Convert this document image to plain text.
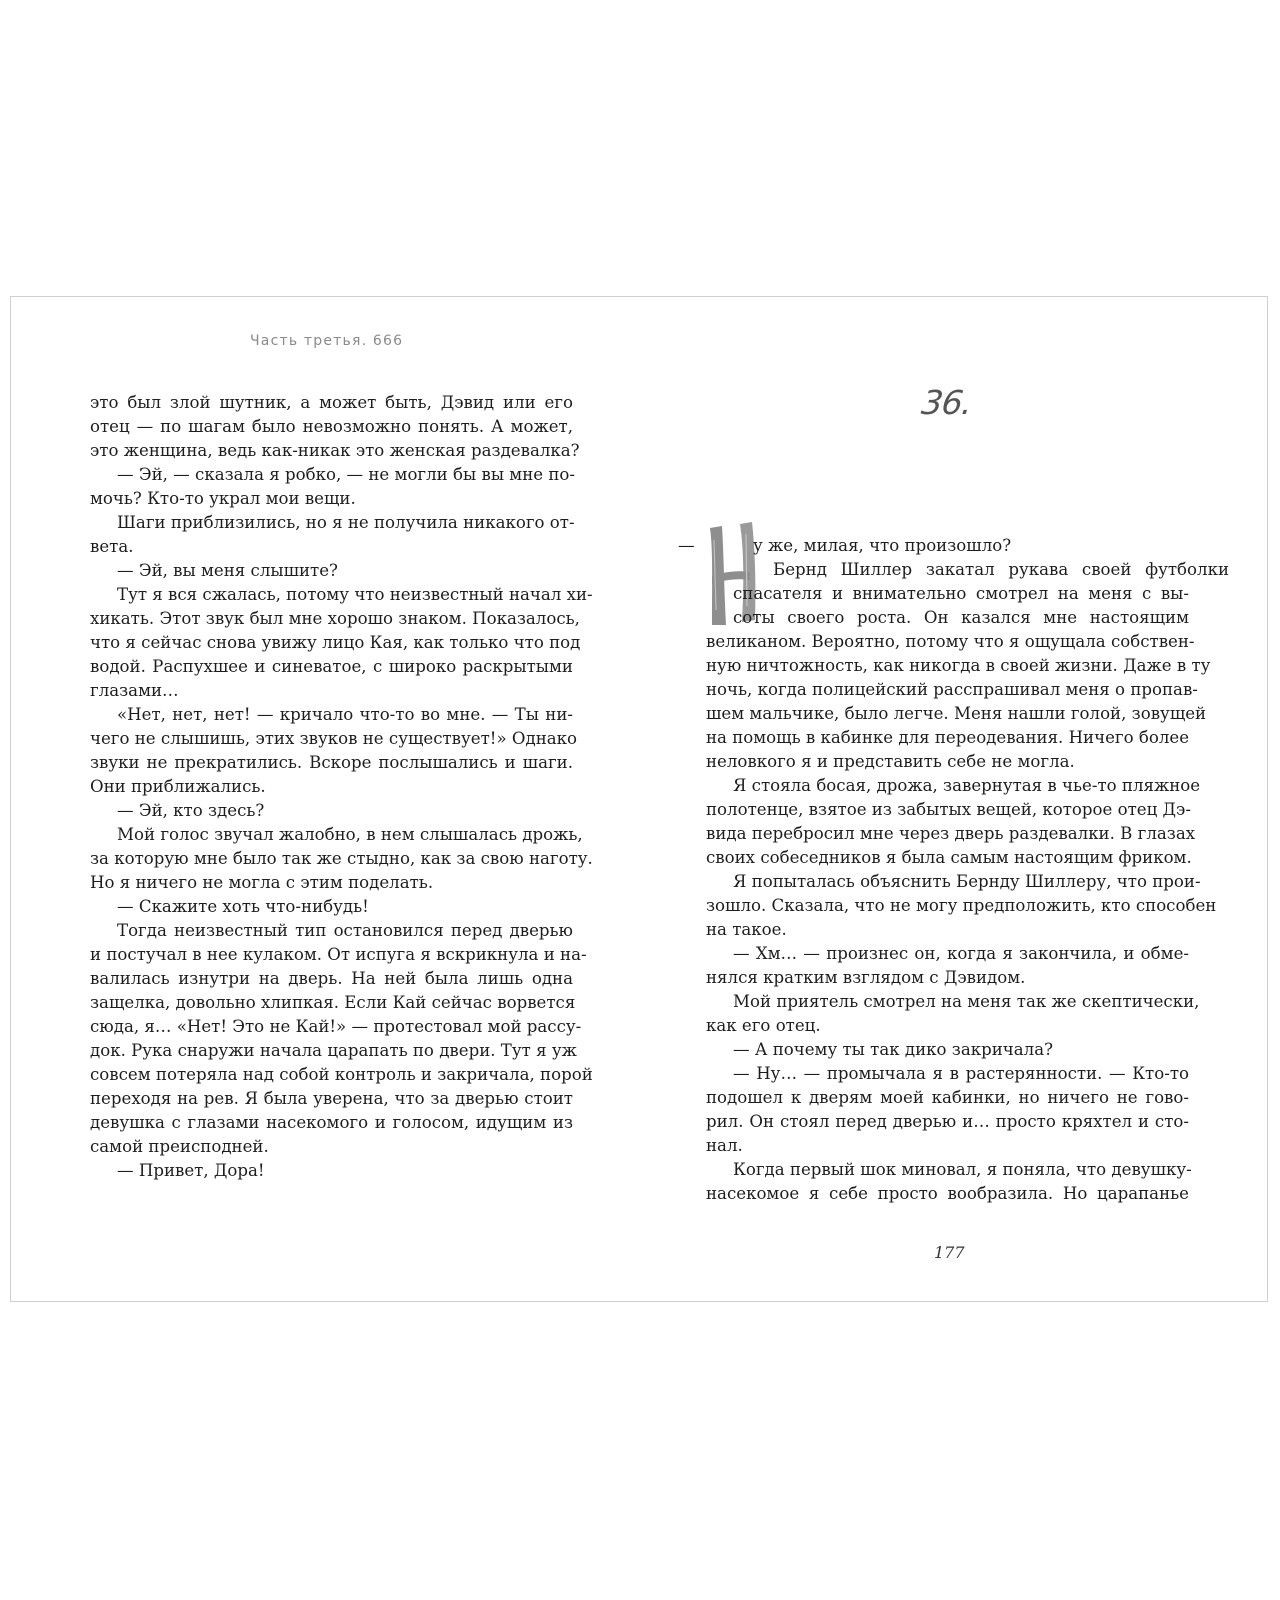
Часть третья. 666
это был злой шутник, а может быть, Дэвид или его
отец — по шагам было невозможно понять. А может,
это женщина, ведь как-никак это женская раздевалка?
— Эй, — сказала я робко, — не могли бы вы мне по-
мочь? Кто-то украл мои вещи.
Шаги приблизились, но я не получила никакого от-
вета.
— Эй, вы меня слышите?
Тут я вся сжалась, потому что неизвестный начал хи-
хикать. Этот звук был мне хорошо знаком. Показалось,
что я сейчас снова увижу лицо Кая, как только что под
водой. Распухшее и синеватое, с широко раскрытыми
глазами…
«Нет, нет, нет! — кричало что-то во мне. — Ты ни-
чего не слышишь, этих звуков не существует!» Однако
звуки не прекратились. Вскоре послышались и шаги.
Они приближались.
— Эй, кто здесь?
Мой голос звучал жалобно, в нем слышалась дрожь,
за которую мне было так же стыдно, как за свою наготу.
Но я ничего не могла с этим поделать.
— Скажите хоть что-нибудь!
Тогда неизвестный тип остановился перед дверью
и постучал в нее кулаком. От испуга я вскрикнула и на-
валилась изнутри на дверь. На ней была лишь одна
защелка, довольно хлипкая. Если Кай сейчас ворвется
сюда, я… «Нет! Это не Кай!» — протестовал мой рассу-
док. Рука снаружи начала царапать по двери. Тут я уж
совсем потеряла над собой контроль и закричала, порой
переходя на рев. Я была уверена, что за дверью стоит
девушка с глазами насекомого и голосом, идущим из
самой преисподней.
— Привет, Дора!
36.
—	у же, милая, что произошло?
Бернд Шиллер закатал рукава своей футболки
спасателя и внимательно смотрел на меня с вы-
соты своего роста. Он казался мне настоящим
великаном. Вероятно, потому что я ощущала собствен-
ную ничтожность, как никогда в своей жизни. Даже в ту
ночь, когда полицейский расспрашивал меня о пропав-
шем мальчике, было легче. Меня нашли голой, зовущей
на помощь в кабинке для переодевания. Ничего более
неловкого я и представить себе не могла.
Я стояла босая, дрожа, завернутая в чье-то пляжное
полотенце, взятое из забытых вещей, которое отец Дэ-
вида перебросил мне через дверь раздевалки. В глазах
своих собеседников я была самым настоящим фриком.
Я попыталась объяснить Бернду Шиллеру, что прои-
зошло. Сказала, что не могу предположить, кто способен
на такое.
— Хм… — произнес он, когда я закончила, и обме-
нялся кратким взглядом с Дэвидом.
Мой приятель смотрел на меня так же скептически,
как его отец.
— А почему ты так дико закричала?
— Ну… — промычала я в растерянности. — Кто-то
подошел к дверям моей кабинки, но ничего не гово-
рил. Он стоял перед дверью и… просто кряхтел и сто-
нал.
Когда первый шок миновал, я поняла, что девушку-
насекомое я себе просто вообразила. Но царапанье
177
